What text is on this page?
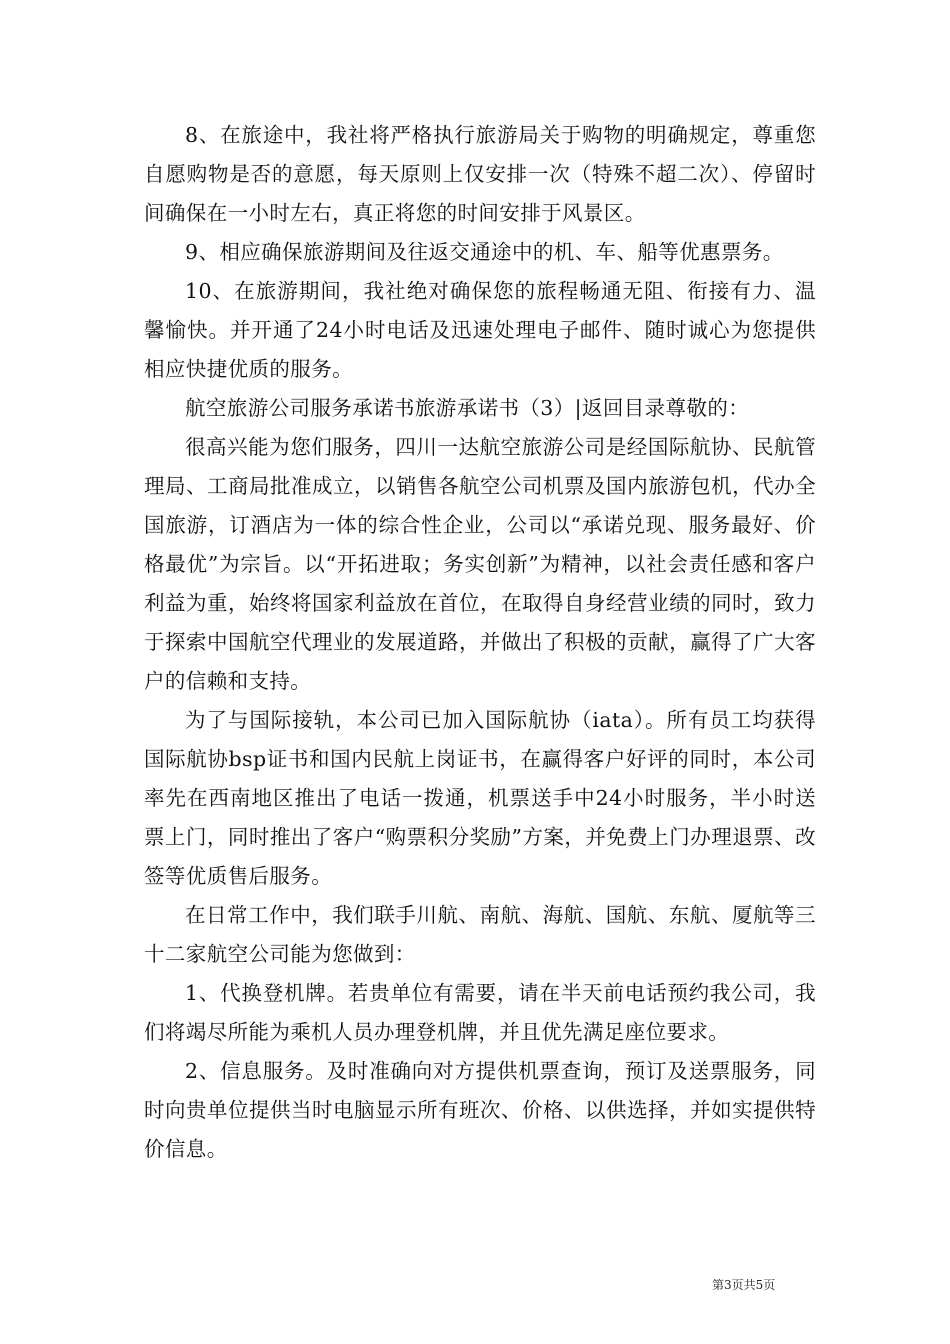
8、在旅途中，我社将严格执行旅游局关于购物的明确规定，尊重您自愿购物是否的意愿，每天原则上仅安排一次（特殊不超二次）、停留时间确保在一小时左右，真正将您的时间安排于风景区。

9、相应确保旅游期间及往返交通途中的机、车、船等优惠票务。

10、在旅游期间，我社绝对确保您的旅程畅通无阻、衔接有力、温馨愉快。并开通了24小时电话及迅速处理电子邮件、随时诚心为您提供相应快捷优质的服务。

航空旅游公司服务承诺书旅游承诺书（3）|返回目录尊敬的：

很高兴能为您们服务，四川一达航空旅游公司是经国际航协、民航管理局、工商局批准成立，以销售各航空公司机票及国内旅游包机，代办全国旅游，订酒店为一体的综合性企业，公司以“承诺兑现、服务最好、价格最优”为宗旨。以“开拓进取；务实创新”为精神，以社会责任感和客户利益为重，始终将国家利益放在首位，在取得自身经营业绩的同时，致力于探索中国航空代理业的发展道路，并做出了积极的贡献，赢得了广大客户的信赖和支持。

为了与国际接轨，本公司已加入国际航协（iata）。所有员工均获得国际航协bsp证书和国内民航上岗证书，在赢得客户好评的同时，本公司率先在西南地区推出了电话一拨通，机票送手中24小时服务，半小时送票上门，同时推出了客户“购票积分奖励”方案，并免费上门办理退票、改签等优质售后服务。

在日常工作中，我们联手川航、南航、海航、国航、东航、厦航等三十二家航空公司能为您做到：

1、代换登机牌。若贵单位有需要，请在半天前电话预约我公司，我们将竭尽所能为乘机人员办理登机牌，并且优先满足座位要求。

2、信息服务。及时准确向对方提供机票查询，预订及送票服务，同时向贵单位提供当时电脑显示所有班次、价格、以供选择，并如实提供特价信息。

第3页共5页
